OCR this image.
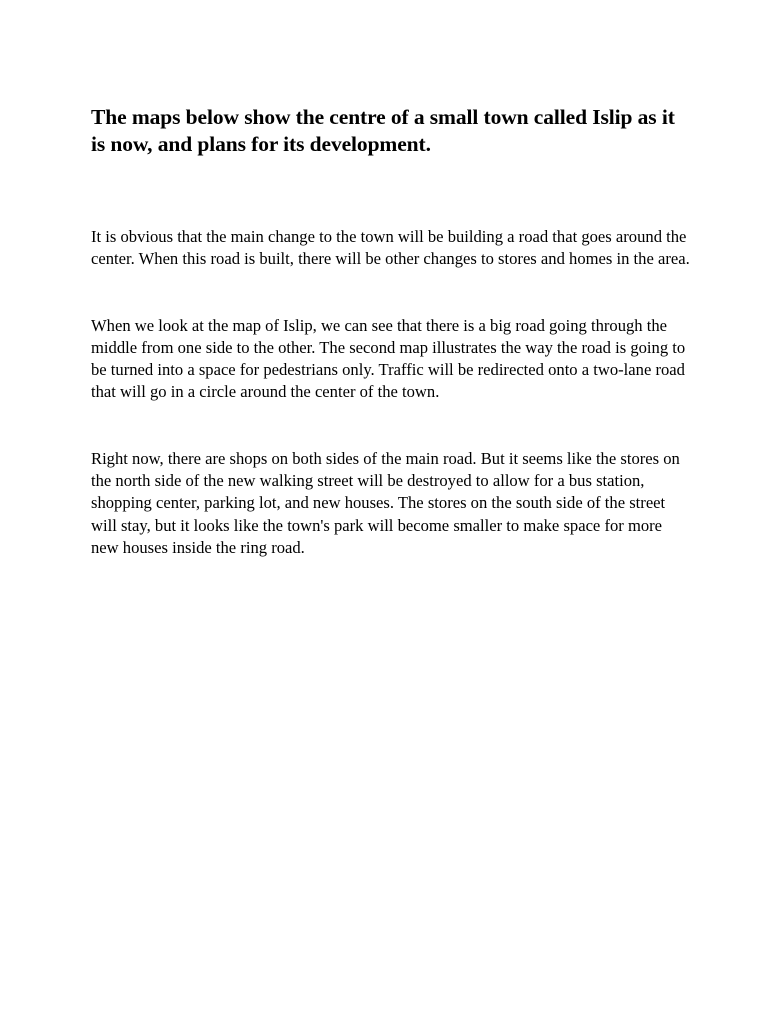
The maps below show the centre of a small town called Islip as it is now, and plans for its development.

It is obvious that the main change to the town will be building a road that goes around the center. When this road is built, there will be other changes to stores and homes in the area.

When we look at the map of Islip, we can see that there is a big road going through the middle from one side to the other. The second map illustrates the way the road is going to be turned into a space for pedestrians only. Traffic will be redirected onto a two-lane road that will go in a circle around the center of the town.

Right now, there are shops on both sides of the main road. But it seems like the stores on the north side of the new walking street will be destroyed to allow for a bus station, shopping center, parking lot, and new houses. The stores on the south side of the street will stay, but it looks like the town's park will become smaller to make space for more new houses inside the ring road.
